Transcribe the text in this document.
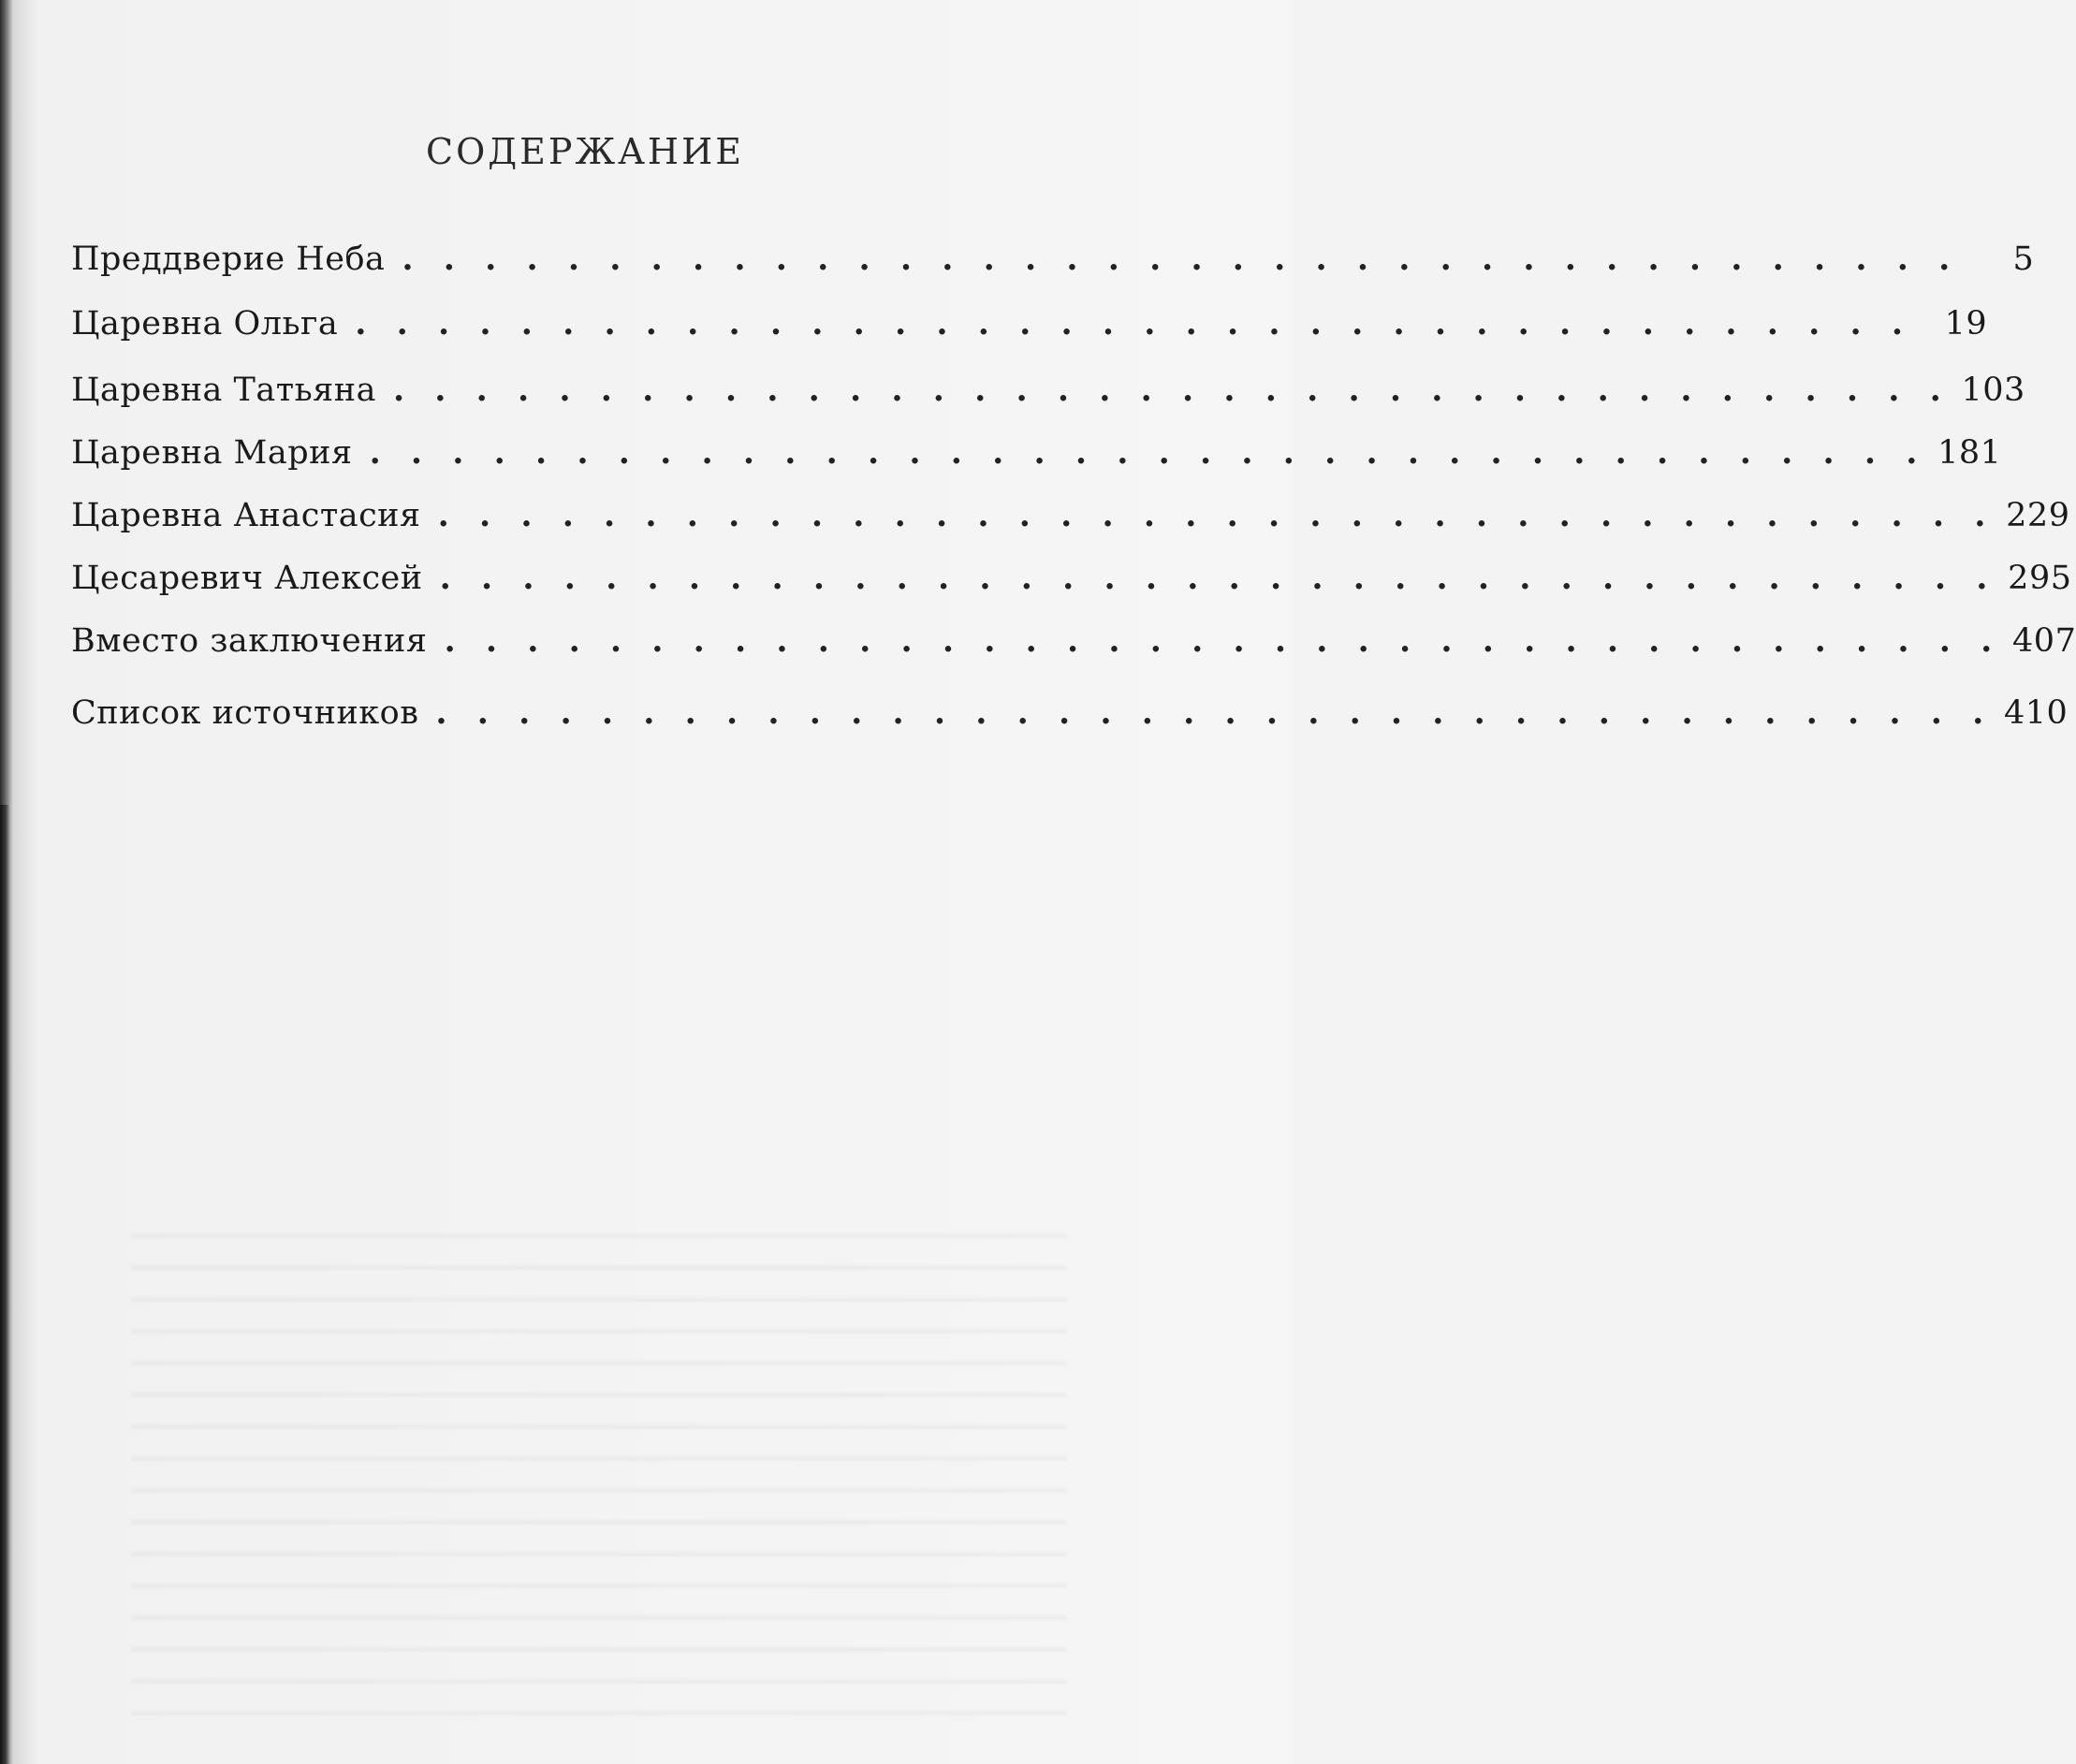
СОДЕРЖАНИЕ
Преддверие Неба . . . . . . . . . . . . . . . . . . . . . . . . . . . . . . . . . . . . . .	5
Царевна Ольга . . . . . . . . . . . . . . . . . . . . . . . . . . . . . . . . . . . . . . 19
Царевна Татьяна . . . . . . . . . . . . . . . . . . . . . . . . . . . . . . . . . . . . . . 103
Царевна Мария . . . . . . . . . . . . . . . . . . . . . . . . . . . . . . . . . . . . . . 181
Царевна Анастасия . . . . . . . . . . . . . . . . . . . . . . . . . . . . . . . . . . . . . . 229
Цесаревич Алексей . . . . . . . . . . . . . . . . . . . . . . . . . . . . . . . . . . . . . . 295
Вместо заключения . . . . . . . . . . . . . . . . . . . . . . . . . . . . . . . . . . . . . . 407
Список источников . . . . . . . . . . . . . . . . . . . . . . . . . . . . . . . . . . . . . . 410
